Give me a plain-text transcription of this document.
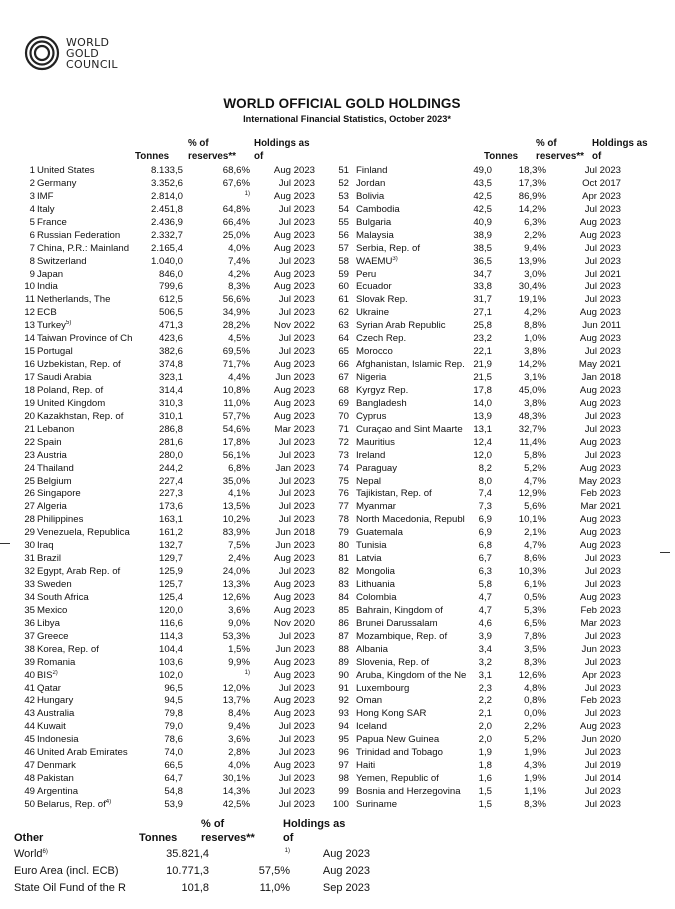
WORLD
GOLD
COUNCIL
WORLD OFFICIAL GOLD HOLDINGS
International Financial Statistics, October 2023*
Tonnes
% of
reserves**
Holdings as
of	Tonnes
% of
reserves**
Holdings as
of
1 United States	8.133,5	68,6%	Aug 2023
2 Germany	3.352,6	67,6%	Jul 2023
3 IMF	2.814,0	1)	Aug 2023
4 Italy	2.451,8	64,8%	Jul 2023
5 France	2.436,9	66,4%	Jul 2023
6 Russian Federation	2.332,7	25,0%	Aug 2023
7 China, P.R.: Mainland	2.165,4	4,0%	Aug 2023
8 Switzerland	1.040,0	7,4%	Jul 2023
9 Japan	846,0	4,2%	Aug 2023
10 India	799,6	8,3%	Aug 2023
11 Netherlands, The	612,5	56,6%	Jul 2023
12 ECB	506,5	34,9%	Jul 2023
13 Turkey$^{5)}$	471,3	28,2%	Nov 2022
14 Taiwan Province of Ch	423,6	4,5%	Jul 2023
15 Portugal	382,6	69,5%	Jul 2023
16 Uzbekistan, Rep. of	374,8	71,7%	Aug 2023
17 Saudi Arabia	323,1	4,4%	Jun 2023
18 Poland, Rep. of	314,4	10,8%	Aug 2023
19 United Kingdom	310,3	11,0%	Aug 2023
20 Kazakhstan, Rep. of	310,1	57,7%	Aug 2023
21 Lebanon	286,8	54,6%	Mar 2023
22 Spain	281,6	17,8%	Jul 2023
23 Austria	280,0	56,1%	Jul 2023
24 Thailand	244,2	6,8%	Jan 2023
25 Belgium	227,4	35,0%	Jul 2023
26 Singapore	227,3	4,1%	Jul 2023
27 Algeria	173,6	13,5%	Jul 2023
28 Philippines	163,1	10,2%	Jul 2023
29 Venezuela, Republica	161,2	83,9%	Jun 2018
30 Iraq	132,7	7,5%	Jun 2023
31 Brazil	129,7	2,4%	Aug 2023
32 Egypt, Arab Rep. of	125,9	24,0%	Jul 2023
33 Sweden	125,7	13,3%	Aug 2023
34 South Africa	125,4	12,6%	Aug 2023
35 Mexico	120,0	3,6%	Aug 2023
36 Libya	116,6	9,0%	Nov 2020
37 Greece	114,3	53,3%	Jul 2023
38 Korea, Rep. of	104,4	1,5%	Jun 2023
39 Romania	103,6	9,9%	Aug 2023
40 BIS$^{2)}$	102,0	1)	Aug 2023
41 Qatar	96,5	12,0%	Jul 2023
42 Hungary	94,5	13,7%	Aug 2023
43 Australia	79,8	8,4%	Aug 2023
44 Kuwait	79,0	9,4%	Jul 2023
45 Indonesia	78,6	3,6%	Jul 2023
46 United Arab Emirates	74,0	2,8%	Jul 2023
47 Denmark	66,5	4,0%	Aug 2023
48 Pakistan	64,7	30,1%	Jul 2023
49 Argentina	54,8	14,3%	Jul 2023
50 Belarus, Rep. $of^{4)}$	53,9	42,5%	Jul 2023
51 Finland	49,0	18,3%	Jul 2023
52 Jordan	43,5	17,3%	Oct 2017
53 Bolivia	42,5	86,9%	Apr 2023
54 Cambodia	42,5	14,2%	Jul 2023
55 Bulgaria	40,9	6,3%	Aug 2023
56 Malaysia	38,9	2,2%	Aug 2023
57 Serbia, Rep. of	38,5	9,4%	Jul 2023
58 WAEMU$^{3)}$	36,5	13,9%	Jul 2023
59 Peru	34,7	3,0%	Jul 2021
60 Ecuador	33,8	30,4%	Jul 2023
61 Slovak Rep.	31,7	19,1%	Jul 2023
62 Ukraine	27,1	4,2%	Aug 2023
63 Syrian Arab Republic	25,8	8,8%	Jun 2011
64 Czech Rep.	23,2	1,0%	Aug 2023
65 Morocco	22,1	3,8%	Jul 2023
66 Afghanistan, Islamic Rep. 21,9	14,2%	May 2021
67 Nigeria	21,5	3,1%	Jan 2018
68 Kyrgyz Rep.	17,8	45,0%	Aug 2023
69 Bangladesh	14,0	3,8%	Aug 2023
70 Cyprus	13,9	48,3%	Jul 2023
71 Curaçao and Sint Maarte	13,1	32,7%	Jul 2023
72 Mauritius	12,4	11,4%	Aug 2023
73 Ireland	12,0	5,8%	Jul 2023
74 Paraguay	8,2	5,2%	Aug 2023
75 Nepal	8,0	4,7%	May 2023
76 Tajikistan, Rep. of	7,4	12,9%	Feb 2023
77 Myanmar	7,3	5,6%	Mar 2021
78 North Macedonia, Republ	6,9	10,1%	Aug 2023
79 Guatemala	6,9	2,1%	Aug 2023
80 Tunisia	6,8	4,7%	Aug 2023
81 Latvia	6,7	8,6%	Jul 2023
82 Mongolia	6,3	10,3%	Jul 2023
83 Lithuania	5,8	6,1%	Jul 2023
84 Colombia	4,7	0,5%	Aug 2023
85 Bahrain, Kingdom of	4,7	5,3%	Feb 2023
86 Brunei Darussalam	4,6	6,5%	Mar 2023
87 Mozambique, Rep. of	3,9	7,8%	Jul 2023
88 Albania	3,4	3,5%	Jun 2023
89 Slovenia, Rep. of	3,2	8,3%	Jul 2023
90 Aruba, Kingdom of the Ne	3,1	12,6%	Apr 2023
91 Luxembourg	2,3	4,8%	Jul 2023
92 Oman	2,2	0,8%	Feb 2023
93 Hong Kong SAR	2,1	0,0%	Jul 2023
94 Iceland	2,0	2,2%	Aug 2023
95 Papua New Guinea	2,0	5,2%	Jun 2020
96 Trinidad and Tobago	1,9	1,9%	Jul 2023
97 Haiti	1,8	4,3%	Jul 2019
98 Yemen, Republic of	1,6	1,9%	Jul 2014
99 Bosnia and Herzegovina	1,5	1,1%	Jul 2023
100 Suriname	1,5	8,3%	Jul 2023
% of
reserves**
Holdings as
of
Other	Tonnes
World$^{6)}$	35.821,4	1)	Aug 2023
Euro Area (incl. ECB)	10.771,3	57,5%	Aug 2023
State Oil Fund of the R	101,8	11,0%	Sep 2023
